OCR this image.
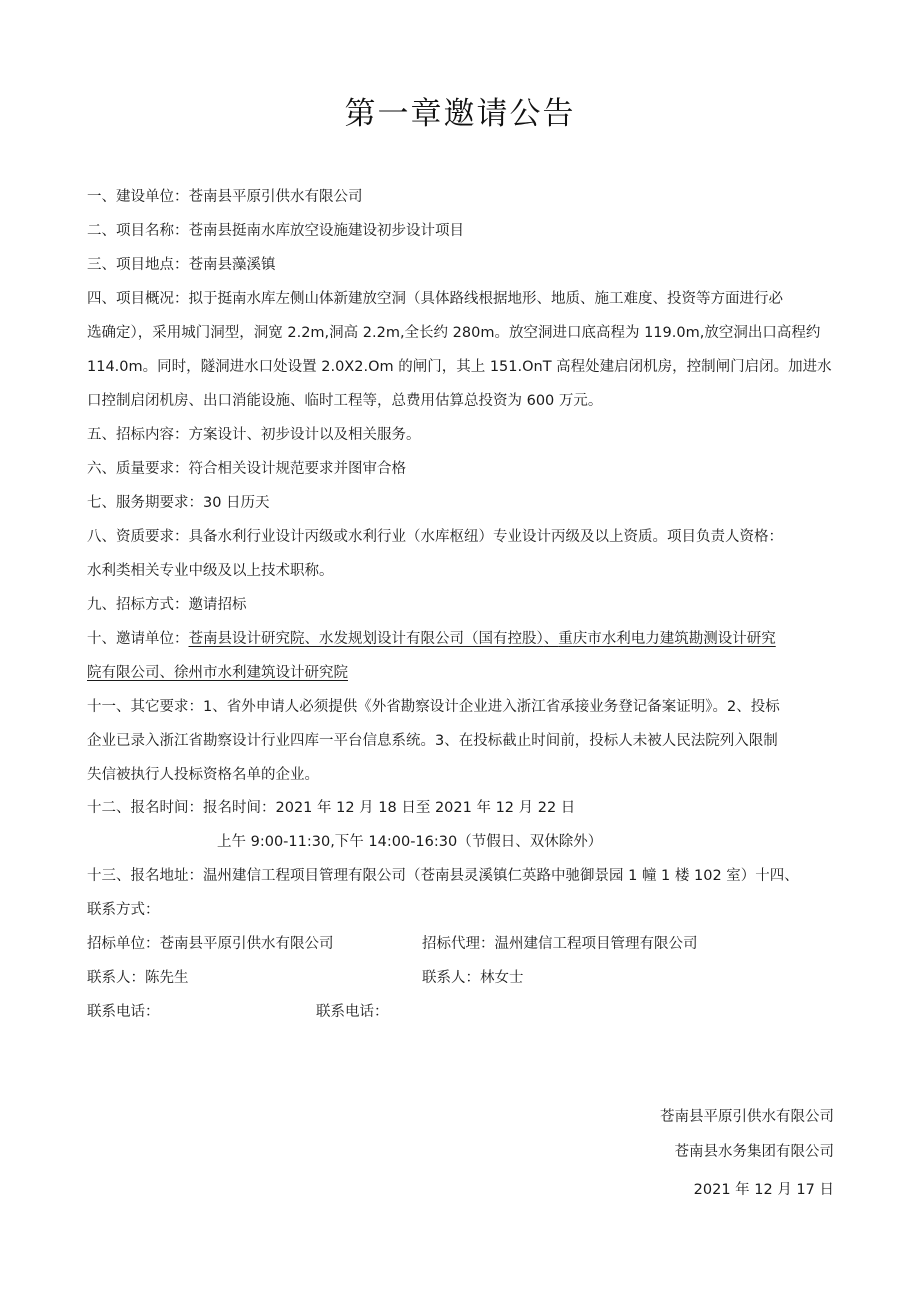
第一章邀请公告
一、建设单位：苍南县平原引供水有限公司
二、项目名称：苍南县挺南水库放空设施建设初步设计项目
三、项目地点：苍南县藻溪镇
四、项目概况：拟于挺南水库左侧山体新建放空洞（具体路线根据地形、地质、施工难度、投资等方面进行必
选确定），采用城门洞型，洞宽 2.2m,洞高 2.2m,全长约 280m。放空洞进口底高程为 119.0m,放空洞出口高程约
114.0m。同时，隧洞进水口处设置 2.0X2.Om 的闸门，其上 151.OnT 高程处建启闭机房，控制闸门启闭。加进水
口控制启闭机房、出口消能设施、临时工程等，总费用估算总投资为 600 万元。
五、招标内容：方案设计、初步设计以及相关服务。
六、质量要求：符合相关设计规范要求并图审合格
七、服务期要求：30 日历天
八、资质要求：具备水利行业设计丙级或水利行业（水库枢纽）专业设计丙级及以上资质。项目负责人资格：
水利类相关专业中级及以上技术职称。
九、招标方式：邀请招标
十、邀请单位：苍南县设计研究院、水发规划设计有限公司（国有控股）、重庆市水利电力建筑勘测设计研究
院有限公司、徐州市水利建筑设计研究院
十一、其它要求：1、省外申请人必须提供《外省勘察设计企业进入浙江省承接业务登记备案证明》。2、投标
企业已录入浙江省勘察设计行业四库一平台信息系统。3、在投标截止时间前，投标人未被人民法院列入限制
失信被执行人投标资格名单的企业。
十二、报名时间：报名时间：2021 年 12 月 18 日至 2021 年 12 月 22 日
上午 9:00-11:30,下午 14:00-16:30（节假日、双休除外）
十三、报名地址：温州建信工程项目管理有限公司（苍南县灵溪镇仁英路中驰御景园 1 幢 1 楼 102 室）十四、
联系方式：
招标单位：苍南县平原引供水有限公司	招标代理：温州建信工程项目管理有限公司
联系人：陈先生	联系人：林女士
联系电话：	联系电话：
苍南县平原引供水有限公司
苍南县水务集团有限公司
2021 年 12 月 17 日
